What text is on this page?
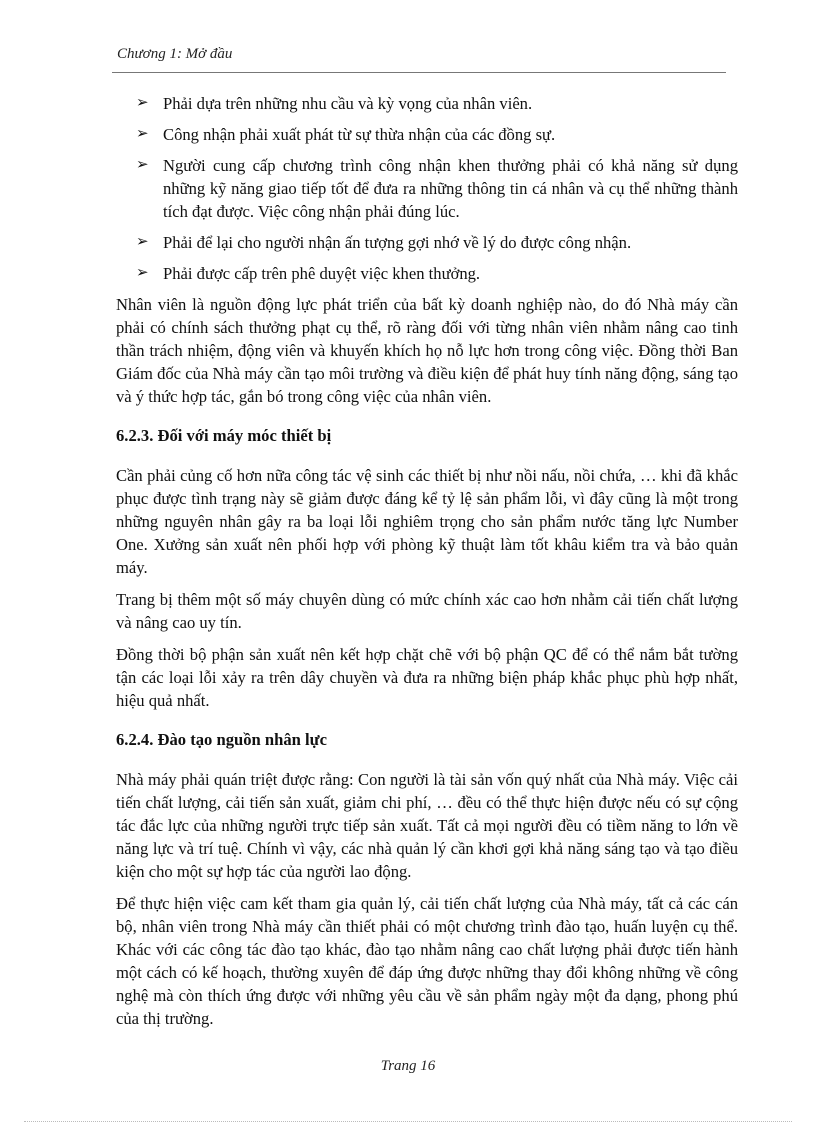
Chương 1: Mở đầu
➢ Phải dựa trên những nhu cầu và kỳ vọng của nhân viên.
➢ Công nhận phải xuất phát từ sự thừa nhận của các đồng sự.
➢ Người cung cấp chương trình công nhận khen thưởng phải có khả năng sử dụng những kỹ năng giao tiếp tốt để đưa ra những thông tin cá nhân và cụ thể những thành tích đạt được. Việc công nhận phải đúng lúc.
➢ Phải để lại cho người nhận ấn tượng gợi nhớ về lý do được công nhận.
➢ Phải được cấp trên phê duyệt việc khen thưởng.

Nhân viên là nguồn động lực phát triển của bất kỳ doanh nghiệp nào, do đó Nhà máy cần phải có chính sách thưởng phạt cụ thể, rõ ràng đối với từng nhân viên nhằm nâng cao tinh thần trách nhiệm, động viên và khuyến khích họ nỗ lực hơn trong công việc. Đồng thời Ban Giám đốc của Nhà máy cần tạo môi trường và điều kiện để phát huy tính năng động, sáng tạo và ý thức hợp tác, gắn bó trong công việc của nhân viên.

6.2.3. Đối với máy móc thiết bị

Cần phải củng cố hơn nữa công tác vệ sinh các thiết bị như nồi nấu, nồi chứa, … khi đã khắc phục được tình trạng này sẽ giảm được đáng kể tỷ lệ sản phẩm lỗi, vì đây cũng là một trong những nguyên nhân gây ra ba loại lỗi nghiêm trọng cho sản phẩm nước tăng lực Number One. Xưởng sản xuất nên phối hợp với phòng kỹ thuật làm tốt khâu kiểm tra và bảo quản máy.

Trang bị thêm một số máy chuyên dùng có mức chính xác cao hơn nhằm cải tiến chất lượng và nâng cao uy tín.

Đồng thời bộ phận sản xuất nên kết hợp chặt chẽ với bộ phận QC để có thể nắm bắt tường tận các loại lỗi xảy ra trên dây chuyền và đưa ra những biện pháp khắc phục phù hợp nhất, hiệu quả nhất.

6.2.4. Đào tạo nguồn nhân lực

Nhà máy phải quán triệt được rằng: Con người là tài sản vốn quý nhất của Nhà máy. Việc cải tiến chất lượng, cải tiến sản xuất, giảm chi phí, … đều có thể thực hiện được nếu có sự cộng tác đắc lực của những người trực tiếp sản xuất. Tất cả mọi người đều có tiềm năng to lớn về năng lực và trí tuệ. Chính vì vậy, các nhà quản lý cần khơi gợi khả năng sáng tạo và tạo điều kiện cho một sự hợp tác của người lao động.

Để thực hiện việc cam kết tham gia quản lý, cải tiến chất lượng của Nhà máy, tất cả các cán bộ, nhân viên trong Nhà máy cần thiết phải có một chương trình đào tạo, huấn luyện cụ thể. Khác với các công tác đào tạo khác, đào tạo nhằm nâng cao chất lượng phải được tiến hành một cách có kế hoạch, thường xuyên để đáp ứng được những thay đổi không những về công nghệ mà còn thích ứng được với những yêu cầu về sản phẩm ngày một đa dạng, phong phú của thị trường.

Trang 16
